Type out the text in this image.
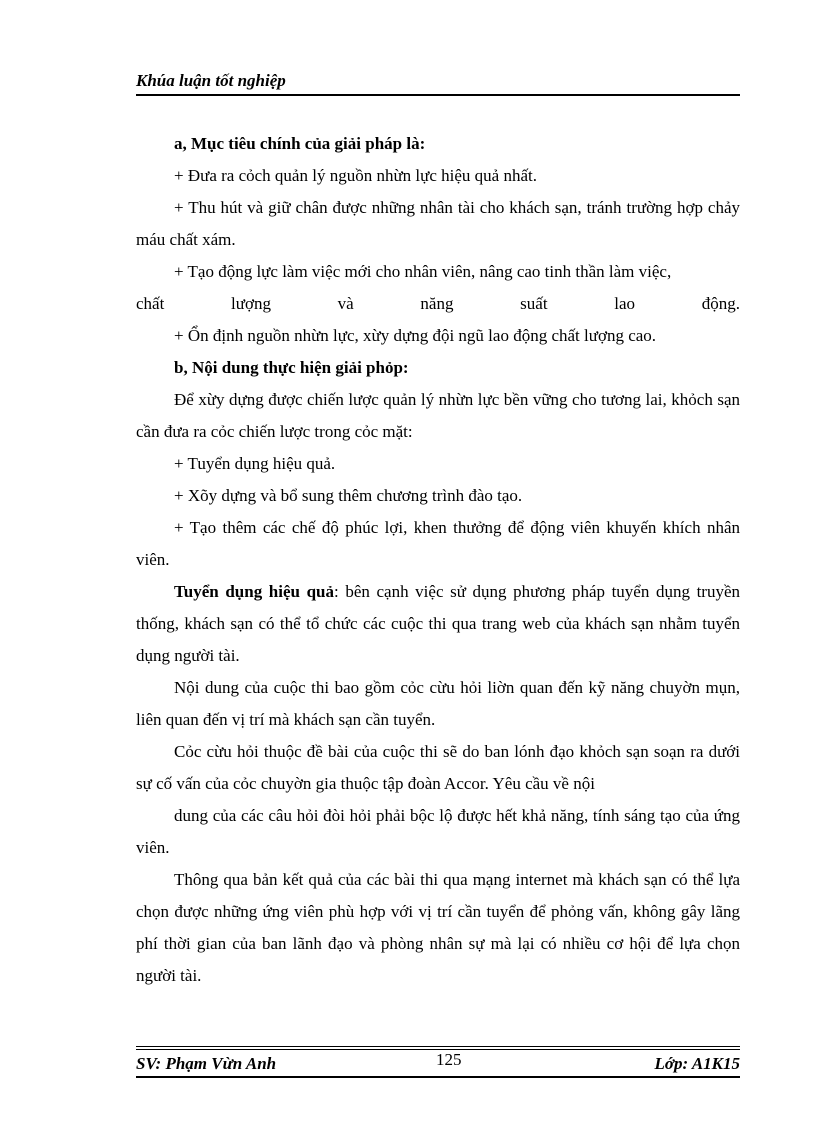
Khúa luận tốt nghiệp

a, Mục tiêu chính của giải pháp là:

+ Đưa ra cỏch quản lý nguồn nhừn lực hiệu quả nhất.

+ Thu hút và giữ chân được những nhân tài cho khách sạn, tránh trường hợp chảy máu chất xám.

+ Tạo động lực làm việc mới cho nhân viên, nâng cao tinh thần làm việc,

chất	lượng	và	năng	suất	lao	động.

+ Ổn định nguồn nhừn lực, xừy dựng đội ngũ lao động chất lượng cao.

b, Nội dung thực hiện giải phỏp:

Để xừy dựng được chiến lược quản lý nhừn lực bền vững cho tương lai, khỏch sạn cần đưa ra cỏc chiến lược trong cỏc mặt:

+ Tuyển dụng hiệu quả.

+ Xõy dựng và bổ sung thêm chương trình đào tạo.

+ Tạo thêm các chế độ phúc lợi, khen thưởng để động viên khuyến khích nhân viên.

Tuyển dụng hiệu quả: bên cạnh việc sử dụng phương pháp tuyển dụng truyền thống, khách sạn có thể tổ chức các cuộc thi qua trang web của khách sạn nhằm tuyển dụng người tài.

Nội dung của cuộc thi bao gồm cỏc cừu hỏi liờn quan đến kỹ năng chuyờn mụn, liên quan đến vị trí mà khách sạn cần tuyển.

Cỏc cừu hỏi thuộc đề bài của cuộc thi sẽ do ban lónh đạo khỏch sạn soạn ra dưới sự cố vấn của cỏc chuyờn gia thuộc tập đoàn Accor. Yêu cầu về nội

dung của các câu hỏi đòi hỏi phải bộc lộ được hết khả năng, tính sáng tạo của ứng viên.

Thông qua bản kết quả của các bài thi qua mạng internet mà khách sạn có thể lựa chọn được những ứng viên phù hợp với vị trí cần tuyển để phỏng vấn, không gây lãng phí thời gian của ban lãnh đạo và phòng nhân sự mà lại có nhiều cơ hội để lựa chọn người tài.

SV: Phạm Vừn Anh	125	Lớp: A1K15
